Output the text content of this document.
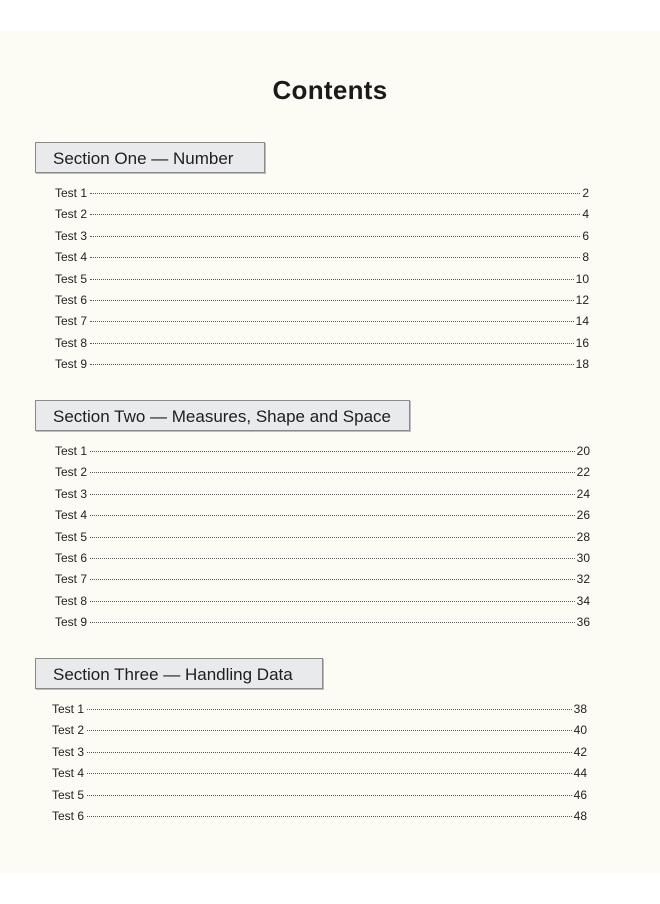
Contents
Section One — Number
Test 1	2
Test 2	4
Test 3	6
Test 4	8
Test 5	10
Test 6	12
Test 7	14
Test 8	16
Test 9	18
Section Two — Measures, Shape and Space
Test 1	20
Test 2	22
Test 3	24
Test 4	26
Test 5	28
Test 6	30
Test 7	32
Test 8	34
Test 9	36
Section Three — Handling Data
Test 1	38
Test 2	40
Test 3	42
Test 4	44
Test 5	46
Test 6	48
